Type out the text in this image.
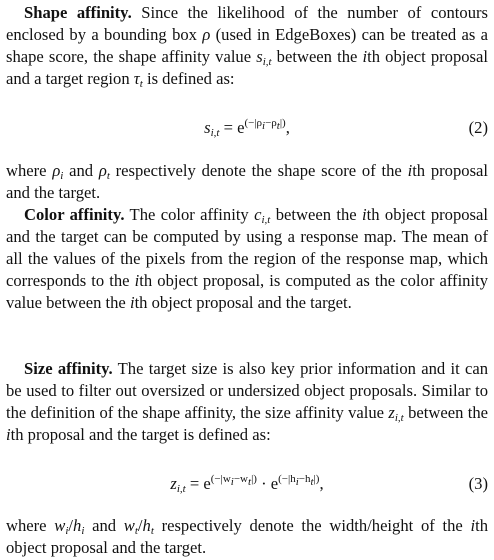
Shape affinity. Since the likelihood of the number of contours enclosed by a bounding box ρ (used in EdgeBoxes) can be treated as a shape score, the shape affinity value $s_{i,t}$ between the ith object proposal and a target region $\tau_t$ is defined as:

$s_{i,t} = e^{(-|\rho_i-\rho_t|)}$,	(2)

where $\rho_i$ and $\rho_t$ respectively denote the shape score of the ith proposal and the target.

Color affinity. The color affinity $c_{i,t}$ between the ith object proposal and the target can be computed by using a response map. The mean of all the values of the pixels from the region of the response map, which corresponds to the ith object proposal, is computed as the color affinity value between the ith object proposal and the target.

Size affinity. The target size is also key prior information and it can be used to filter out oversized or undersized object proposals. Similar to the definition of the shape affinity, the size affinity value $z_{i,t}$ between the ith proposal and the target is defined as:

$z_{i,t} = e^{(-|w_i-w_t|)} \cdot e^{(-|h_i-h_t|)}$,	(3)

where $w_i/h_i$ and $w_t/h_t$ respectively denote the width/height of the ith object proposal and the target.
